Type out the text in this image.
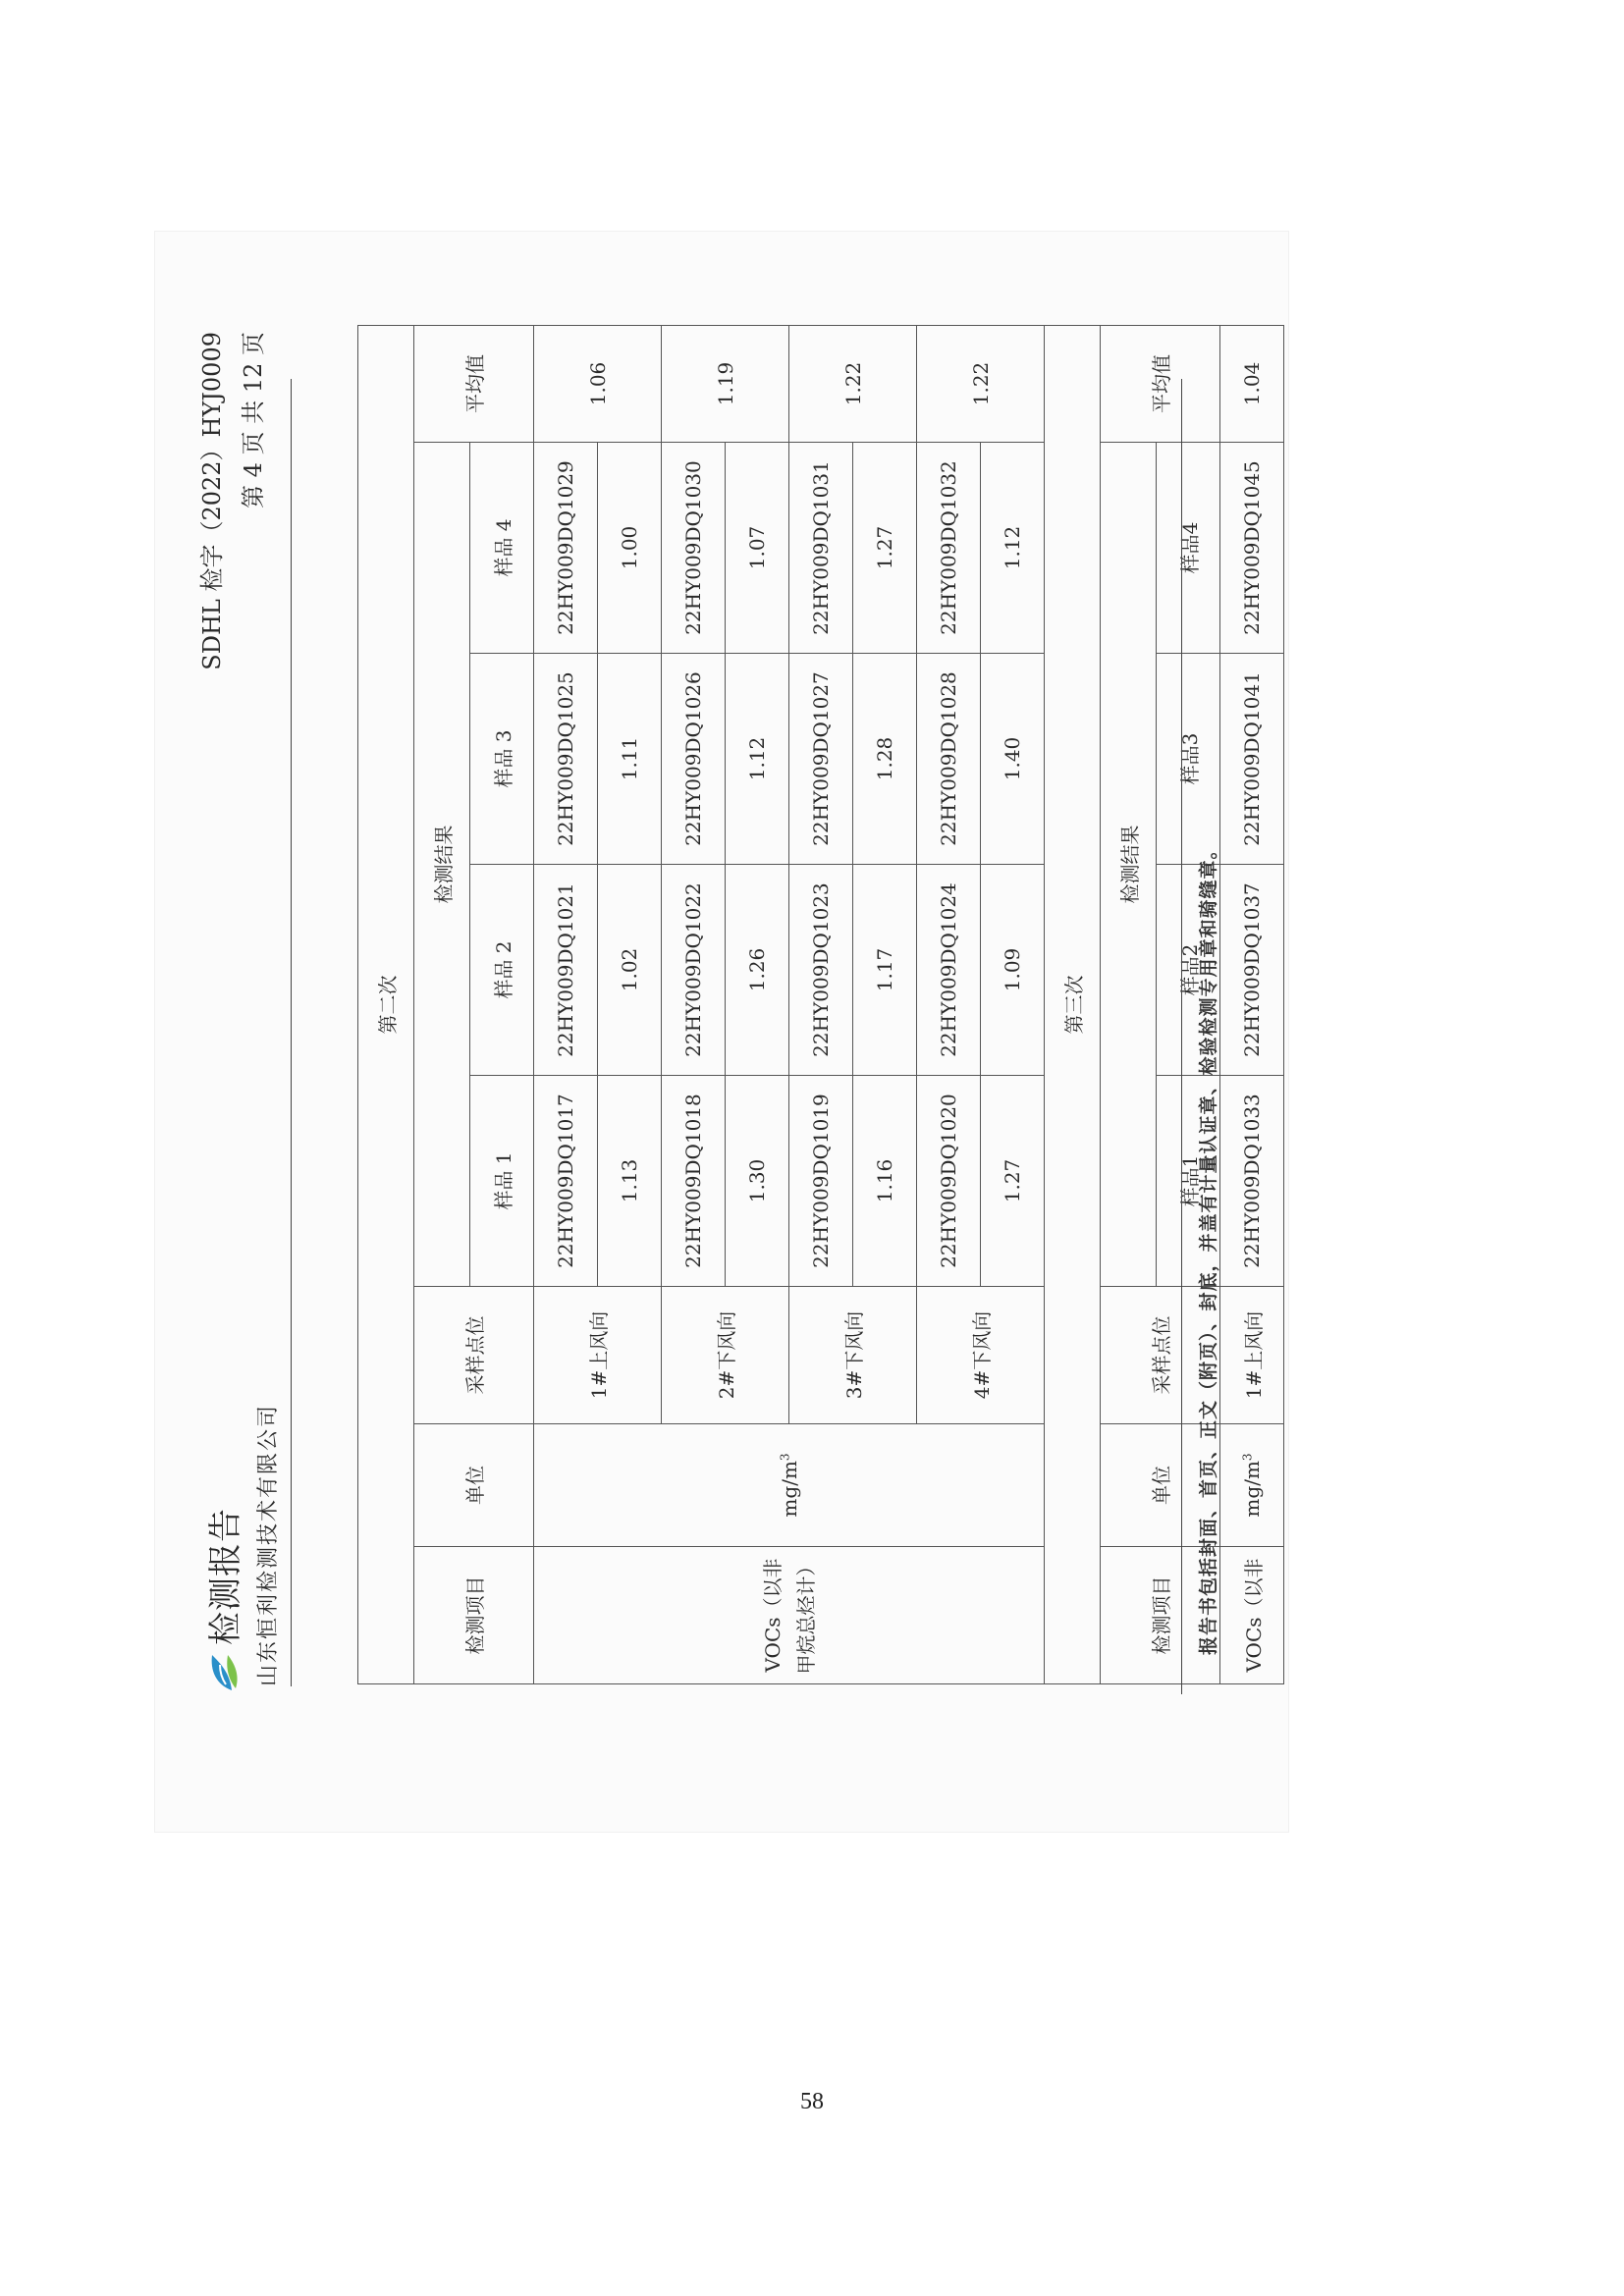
检测报告 山东恒利检测技术有限公司
SDHL 检字（2022）HYJ0009 第 4 页 共 12 页
第二次							
检测项目	单位	采样点位	检测结果				平均值
			样品 1	样品 2	样品 3	样品 4	
VOCs（以非甲烷总烃计）	$mg/m^3$	1#上风向	22HY009DQ1017	22HY009DQ1021	22HY009DQ1025	22HY009DQ1029	1.06
			1.13	1.02	1.11	1.00	
		2#下风向	22HY009DQ1018	22HY009DQ1022	22HY009DQ1026	22HY009DQ1030	1.19
			1.30	1.26	1.12	1.07	
		3#下风向	22HY009DQ1019	22HY009DQ1023	22HY009DQ1027	22HY009DQ1031	1.22
			1.16	1.17	1.28	1.27	
		4#下风向	22HY009DQ1020	22HY009DQ1024	22HY009DQ1028	22HY009DQ1032	1.22
			1.27	1.09	1.40	1.12	
第三次							
检测项目	单位	采样点位	检测结果				平均值
			样品1	样品2	样品3	样品4	
VOCs（以非	$mg/m^3$	1#上风向	22HY009DQ1033	22HY009DQ1037	22HY009DQ1041	22HY009DQ1045	1.04
报告书包括封面、首页、正文（附页）、封底，并盖有计量认证章、检验检测专用章和骑缝章。
58
